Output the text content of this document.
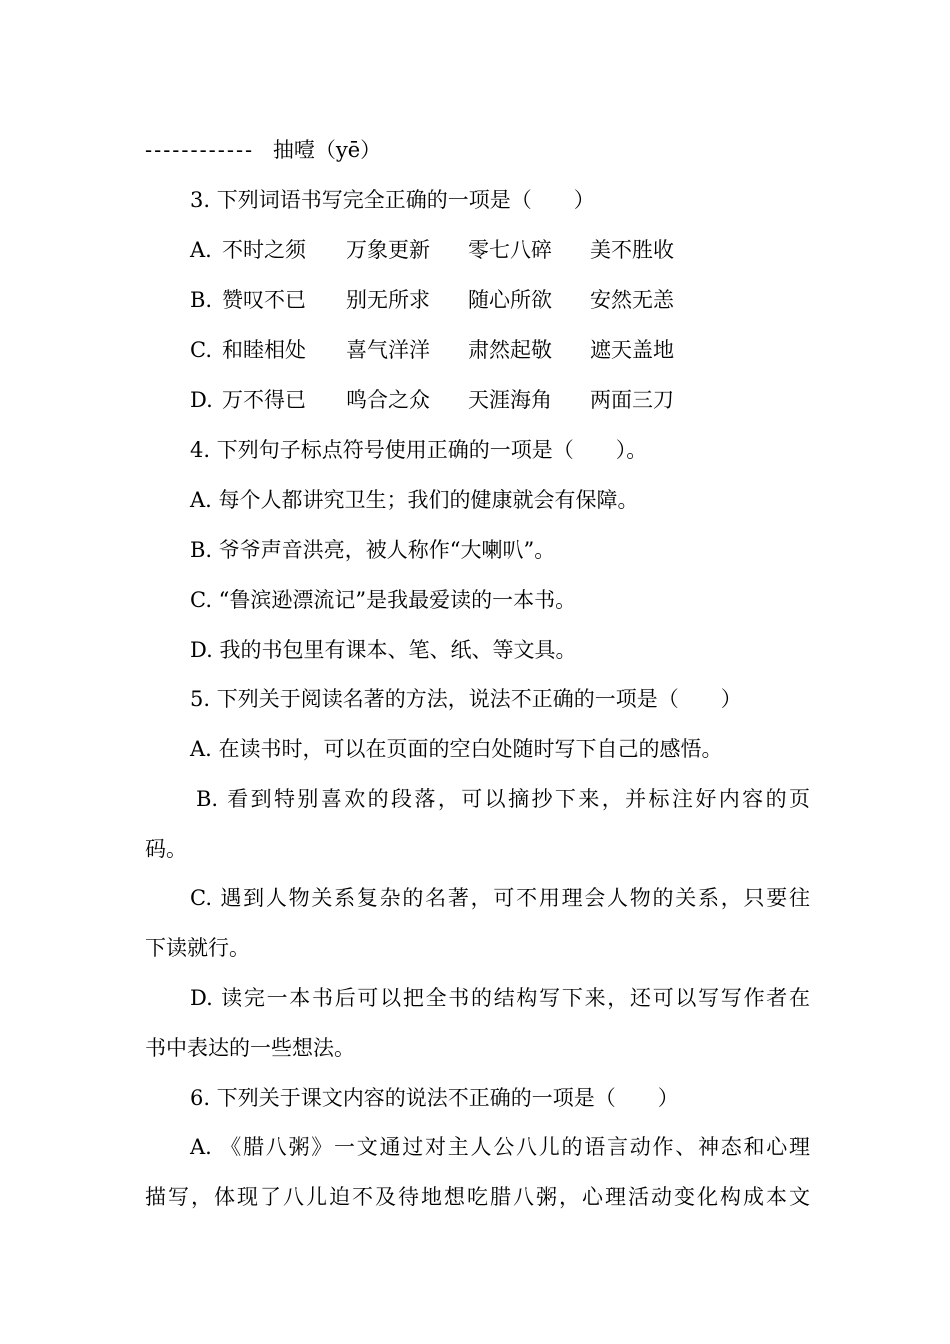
------------ 抽噎（yē）
3. 下列词语书写完全正确的一项是（　　）
A. 不时之须 万象更新 零七八碎 美不胜收
B. 赞叹不已 别无所求 随心所欲 安然无恙
C. 和睦相处 喜气洋洋 肃然起敬 遮天盖地
D. 万不得已 鸣合之众 天涯海角 两面三刀
4. 下列句子标点符号使用正确的一项是（　　）。
A. 每个人都讲究卫生；我们的健康就会有保障。
B. 爷爷声音洪亮，被人称作“大喇叭”。
C. “鲁滨逊漂流记”是我最爱读的一本书。
D. 我的书包里有课本、笔、纸、等文具。
5. 下列关于阅读名著的方法，说法不正确的一项是（　　）
A. 在读书时，可以在页面的空白处随时写下自己的感悟。
B. 看到特别喜欢的段落，可以摘抄下来，并标注好内容的页
码。
C. 遇到人物关系复杂的名著，可不用理会人物的关系，只要往
下读就行。
D. 读完一本书后可以把全书的结构写下来，还可以写写作者在
书中表达的一些想法。
6. 下列关于课文内容的说法不正确的一项是（　　）
A. 《腊八粥》一文通过对主人公八儿的语言动作、神态和心理
描写，体现了八儿迫不及待地想吃腊八粥，心理活动变化构成本文
